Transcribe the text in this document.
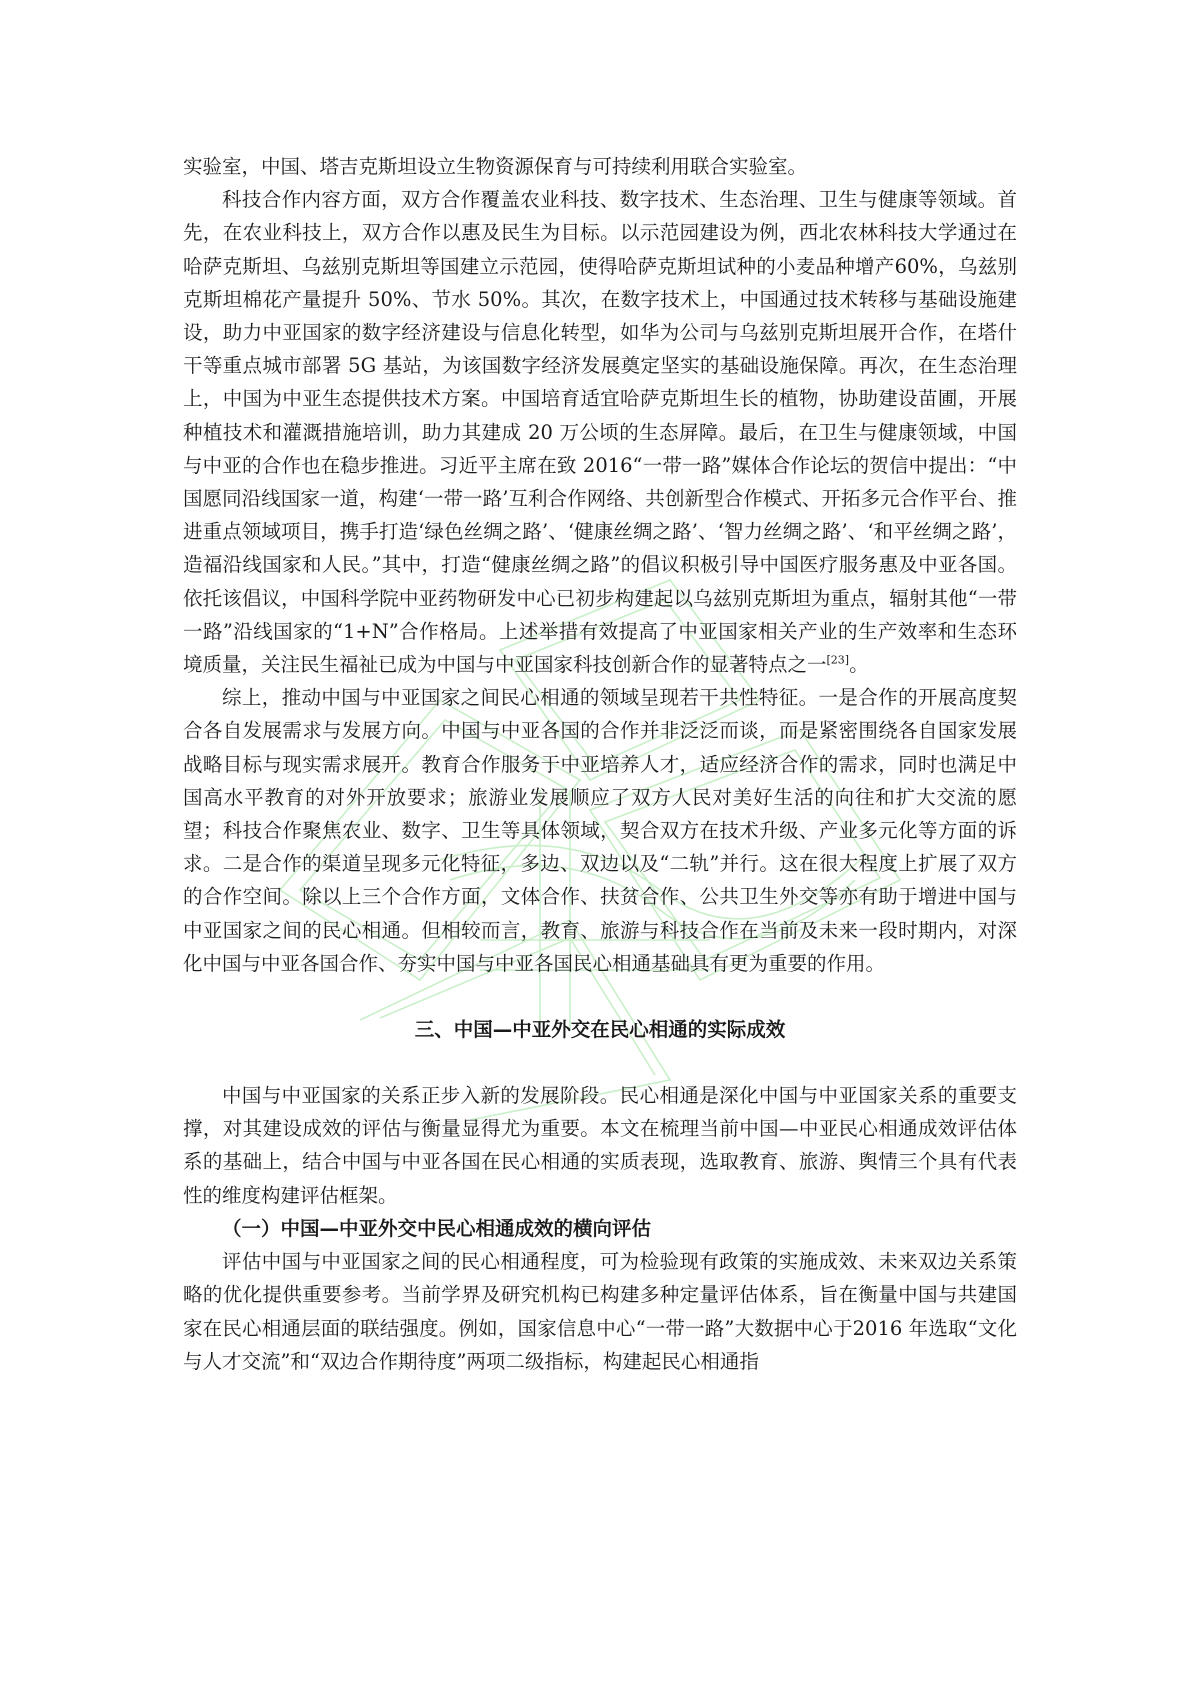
实验室，中国、塔吉克斯坦设立生物资源保育与可持续利用联合实验室。

科技合作内容方面，双方合作覆盖农业科技、数字技术、生态治理、卫生与健康等领域。首先，在农业科技上，双方合作以惠及民生为目标。以示范园建设为例，西北农林科技大学通过在哈萨克斯坦、乌兹别克斯坦等国建立示范园，使得哈萨克斯坦试种的小麦品种增产60%，乌兹别克斯坦棉花产量提升 50%、节水 50%。其次，在数字技术上，中国通过技术转移与基础设施建设，助力中亚国家的数字经济建设与信息化转型，如华为公司与乌兹别克斯坦展开合作，在塔什干等重点城市部署 5G 基站，为该国数字经济发展奠定坚实的基础设施保障。再次，在生态治理上，中国为中亚生态提供技术方案。中国培育适宜哈萨克斯坦生长的植物，协助建设苗圃，开展种植技术和灌溉措施培训，助力其建成 20 万公顷的生态屏障。最后，在卫生与健康领域，中国与中亚的合作也在稳步推进。习近平主席在致 2016“一带一路”媒体合作论坛的贺信中提出：“中国愿同沿线国家一道，构建‘一带一路’互利合作网络、共创新型合作模式、开拓多元合作平台、推进重点领域项目，携手打造‘绿色丝绸之路’、‘健康丝绸之路’、‘智力丝绸之路’、‘和平丝绸之路’，造福沿线国家和人民。”其中，打造“健康丝绸之路”的倡议积极引导中国医疗服务惠及中亚各国。依托该倡议，中国科学院中亚药物研发中心已初步构建起以乌兹别克斯坦为重点，辐射其他“一带一路”沿线国家的“1+N”合作格局。上述举措有效提高了中亚国家相关产业的生产效率和生态环境质量，关注民生福祉已成为中国与中亚国家科技创新合作的显著特点之一[23]。

综上，推动中国与中亚国家之间民心相通的领域呈现若干共性特征。一是合作的开展高度契合各自发展需求与发展方向。中国与中亚各国的合作并非泛泛而谈，而是紧密围绕各自国家发展战略目标与现实需求展开。教育合作服务于中亚培养人才，适应经济合作的需求，同时也满足中国高水平教育的对外开放要求；旅游业发展顺应了双方人民对美好生活的向往和扩大交流的愿望；科技合作聚焦农业、数字、卫生等具体领域，契合双方在技术升级、产业多元化等方面的诉求。二是合作的渠道呈现多元化特征，多边、双边以及“二轨”并行。这在很大程度上扩展了双方的合作空间。除以上三个合作方面，文体合作、扶贫合作、公共卫生外交等亦有助于增进中国与中亚国家之间的民心相通。但相较而言，教育、旅游与科技合作在当前及未来一段时期内，对深化中国与中亚各国合作、夯实中国与中亚各国民心相通基础具有更为重要的作用。

三、中国—中亚外交在民心相通的实际成效

中国与中亚国家的关系正步入新的发展阶段。民心相通是深化中国与中亚国家关系的重要支撑，对其建设成效的评估与衡量显得尤为重要。本文在梳理当前中国—中亚民心相通成效评估体系的基础上，结合中国与中亚各国在民心相通的实质表现，选取教育、旅游、舆情三个具有代表性的维度构建评估框架。

（一）中国—中亚外交中民心相通成效的横向评估

评估中国与中亚国家之间的民心相通程度，可为检验现有政策的实施成效、未来双边关系策略的优化提供重要参考。当前学界及研究机构已构建多种定量评估体系，旨在衡量中国与共建国家在民心相通层面的联结强度。例如，国家信息中心“一带一路”大数据中心于2016 年选取“文化与人才交流”和“双边合作期待度”两项二级指标，构建起民心相通指
